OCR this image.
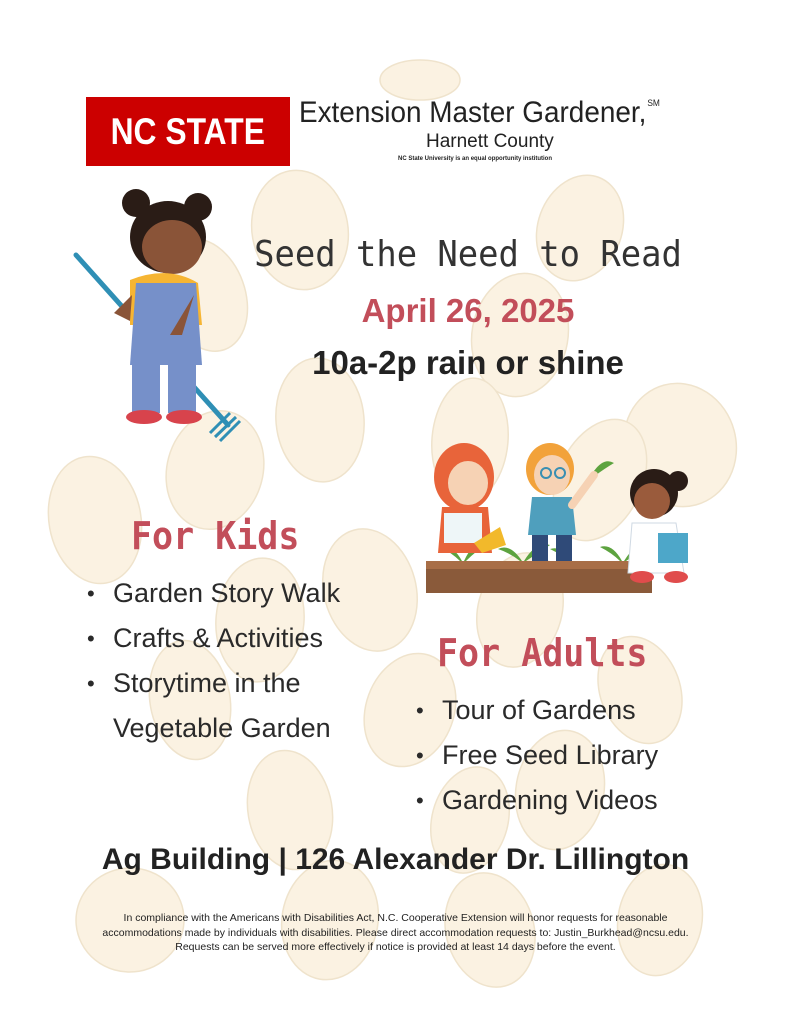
NC STATE Extension Master Gardener,℠
Harnett County
NC State University is an equal opportunity institution
Seed the Need to Read
April 26, 2025
10a-2p rain or shine
For Kids
• Garden Story Walk
• Crafts & Activities
• Storytime in the
Vegetable Garden
For Adults
• Tour of Gardens
• Free Seed Library
• Gardening Videos
Ag Building | 126 Alexander Dr. Lillington
In compliance with the Americans with Disabilities Act, N.C. Cooperative Extension will honor requests for reasonable
accommodations made by individuals with disabilities. Please direct accommodation requests to: Justin_Burkhead@ncsu.edu.
Requests can be served more effectively if notice is provided at least 14 days before the event.
